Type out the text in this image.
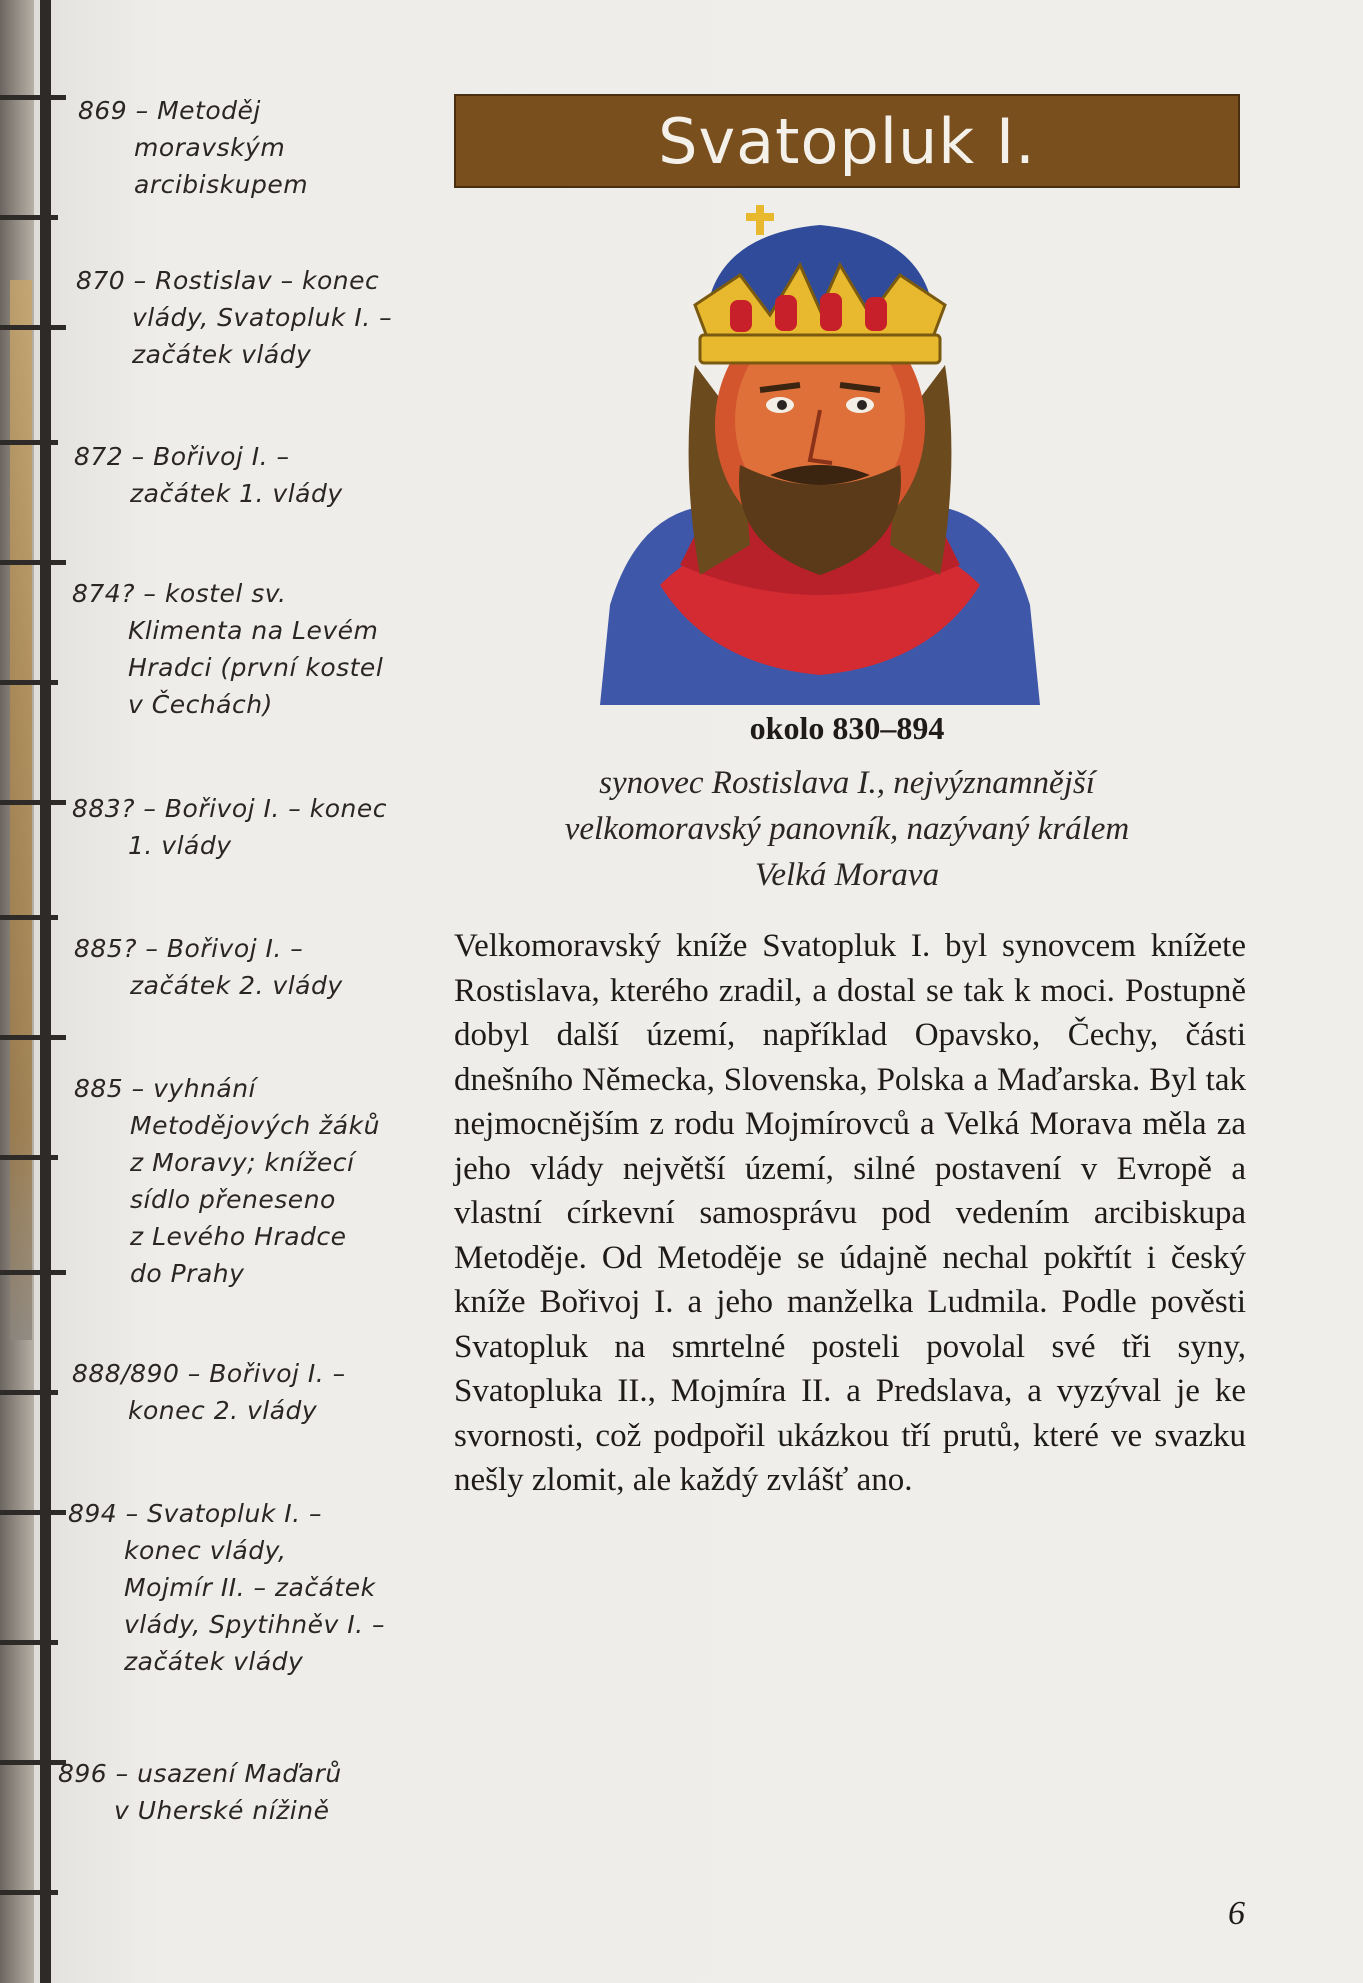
869 – Metoděj
moravským
arcibiskupem
870 – Rostislav – konec
vlády, Svatopluk I. –
začátek vlády
872 – Bořivoj I. –
začátek 1. vlády
874? – kostel sv.
Klimenta na Levém
Hradci (první kostel
v Čechách)
883? – Bořivoj I. – konec
1. vlády
885? – Bořivoj I. –
začátek 2. vlády
885 – vyhnání
Metodějových žáků
z Moravy; knížecí
sídlo přeneseno
z Levého Hradce
do Prahy
888/890 – Bořivoj I. –
konec 2. vlády
894 – Svatopluk I. –
konec vlády,
Mojmír II. – začátek
vlády, Spytihněv I. –
začátek vlády
896 – usazení Maďarů
v Uherské nížině
Svatopluk I.
okolo 830–894
synovec Rostislava I., nejvýznamnější
velkomoravský panovník, nazývaný králem
Velká Morava
Velkomoravský kníže Svatopluk I. byl synovcem knížete Rostislava, kterého zradil, a dostal se tak k moci. Postupně dobyl další území, například Opavsko, Čechy, části dnešního Německa, Slovenska, Polska a Maďarska. Byl tak nejmocnějším z rodu Mojmírovců a Velká Morava měla za jeho vlády největší území, silné postavení v Evropě a vlastní církevní samosprávu pod vedením arcibiskupa Metoděje. Od Metoděje se údajně nechal pokřtít i český kníže Bořivoj I. a jeho manželka Ludmila. Podle pověsti Svatopluk na smrtelné posteli povolal své tři syny, Svatopluka II., Mojmíra II. a Predslava, a vyzýval je ke svornosti, což podpořil ukázkou tří prutů, které ve svazku nešly zlomit, ale každý zvlášť ano.
6
